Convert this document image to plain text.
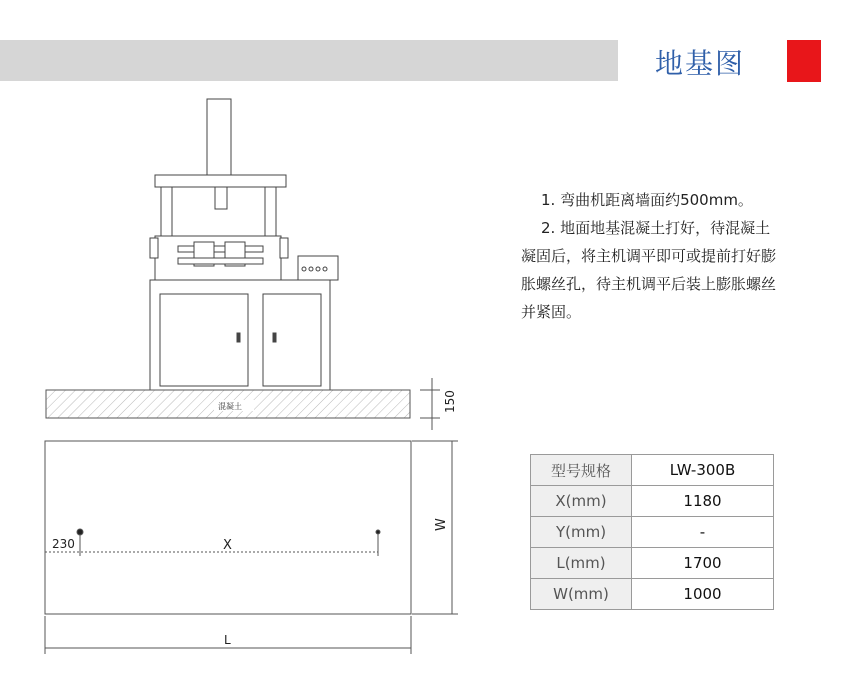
地基图
混凝土	150
W
230	X
L

1. 弯曲机距离墙面约500mm。

2. 地面地基混凝土打好，待混凝土凝固后，将主机调平即可或提前打好膨胀螺丝孔，待主机调平后装上膨胀螺丝并紧固。

型号规格	LW-300B
X(mm)	1180
Y(mm)	-
L(mm)	1700
W(mm)	1000
